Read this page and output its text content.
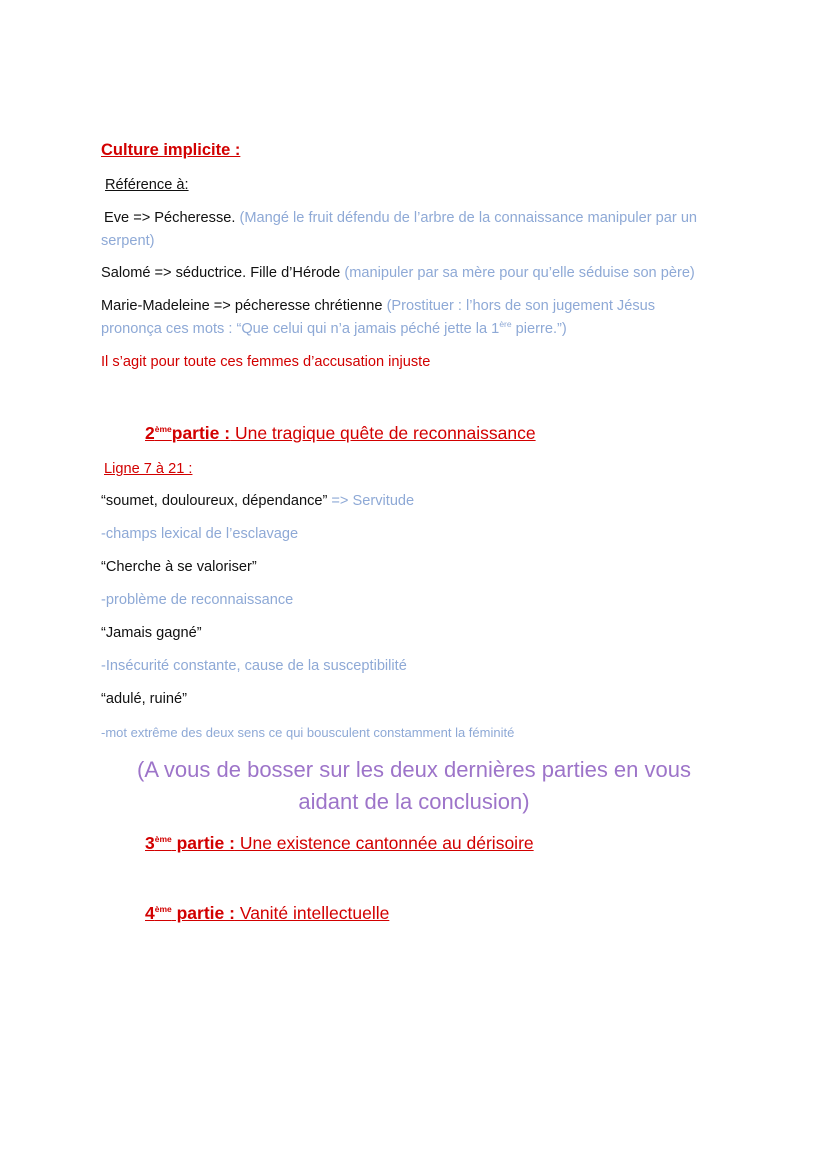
Culture implicite :
Référence à:
Eve => Pécheresse. (Mangé le fruit défendu de l’arbre de la connaissance manipuler par un
serpent)
Salomé => séductrice. Fille d’Hérode (manipuler par sa mère pour qu’elle séduise son père)
Marie-Madeleine => pécheresse chrétienne (Prostituer : l’hors de son jugement Jésus
prononça ces mots : “Que celui qui n’a jamais péché jette la 1ère pierre.”)
Il s’agit pour toute ces femmes d’accusation injuste
2èmepartie : Une tragique quête de reconnaissance
Ligne 7 à 21 :
“soumet, douloureux, dépendance” => Servitude
-champs lexical de l’esclavage
“Cherche à se valoriser”
-problème de reconnaissance
“Jamais gagné”
-Insécurité constante, cause de la susceptibilité
“adulé, ruiné”
-mot extrême des deux sens ce qui bousculent constamment la féminité
(A vous de bosser sur les deux dernières parties en vous
aidant de la conclusion)
3ème partie : Une existence cantonnée au dérisoire
4ème partie : Vanité intellectuelle
